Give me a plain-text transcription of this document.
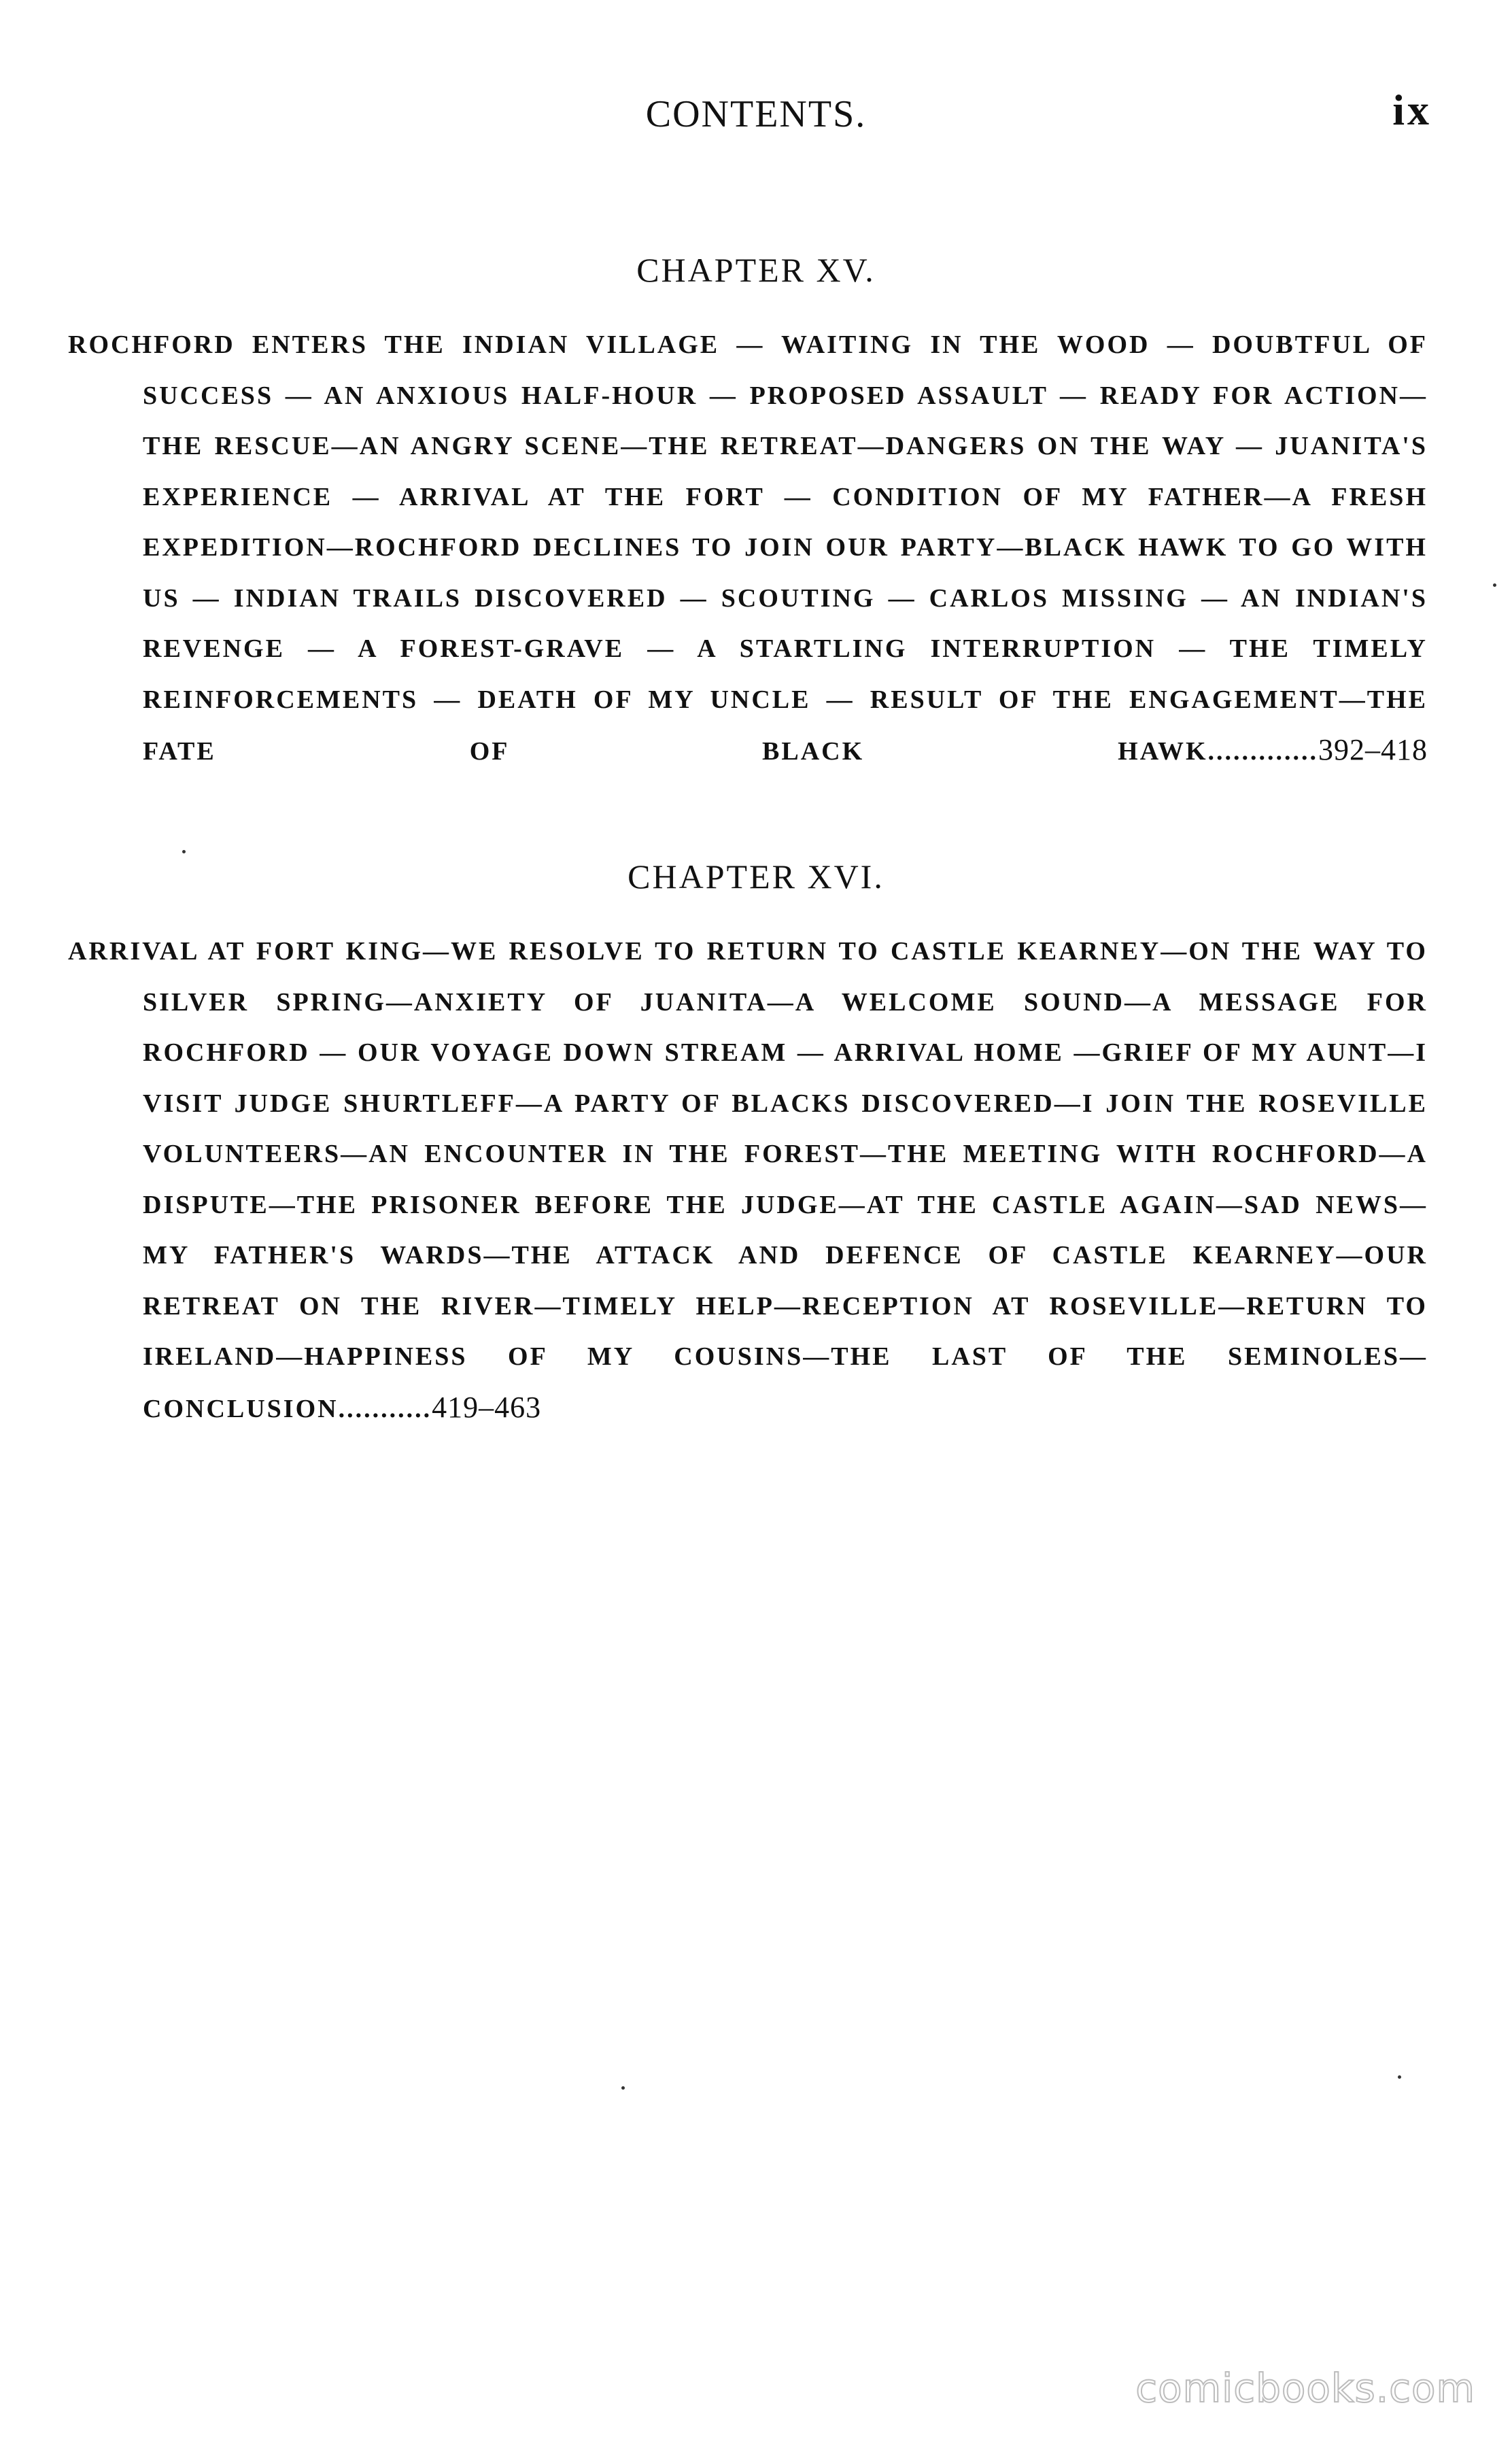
CONTENTS.	ix
CHAPTER XV.

ROCHFORD ENTERS THE INDIAN VILLAGE — WAITING IN THE WOOD — DOUBTFUL OF SUCCESS — AN ANXIOUS HALF-HOUR — PROPOSED ASSAULT — READY FOR ACTION—THE RESCUE—AN ANGRY SCENE—THE RETREAT—DANGERS ON THE WAY — JUANITA'S EXPERIENCE — ARRIVAL AT THE FORT — CONDITION OF MY FATHER—A FRESH EXPEDITION—ROCHFORD DECLINES TO JOIN OUR PARTY—BLACK HAWK TO GO WITH US — INDIAN TRAILS DISCOVERED — SCOUTING — CARLOS MISSING — AN INDIAN'S REVENGE — A FOREST-GRAVE — A STARTLING INTERRUPTION — THE TIMELY REINFORCEMENTS — DEATH OF MY UNCLE — RESULT OF THE ENGAGEMENT—THE FATE OF BLACK HAWK.............392–418

CHAPTER XVI.

ARRIVAL AT FORT KING—WE RESOLVE TO RETURN TO CASTLE KEARNEY—ON THE WAY TO SILVER SPRING—ANXIETY OF JUANITA—A WELCOME SOUND—A MESSAGE FOR ROCHFORD — OUR VOYAGE DOWN STREAM — ARRIVAL HOME —GRIEF OF MY AUNT—I VISIT JUDGE SHURTLEFF—A PARTY OF BLACKS DISCOVERED—I JOIN THE ROSEVILLE VOLUNTEERS—AN ENCOUNTER IN THE FOREST—THE MEETING WITH ROCHFORD—A DISPUTE—THE PRISONER BEFORE THE JUDGE—AT THE CASTLE AGAIN—SAD NEWS—MY FATHER'S WARDS—THE ATTACK AND DEFENCE OF CASTLE KEARNEY—OUR RETREAT ON THE RIVER—TIMELY HELP—RECEPTION AT ROSEVILLE—RETURN TO IRELAND—HAPPINESS OF MY COUSINS—THE LAST OF THE SEMINOLES—CONCLUSION...........419–463

comicbooks.com
